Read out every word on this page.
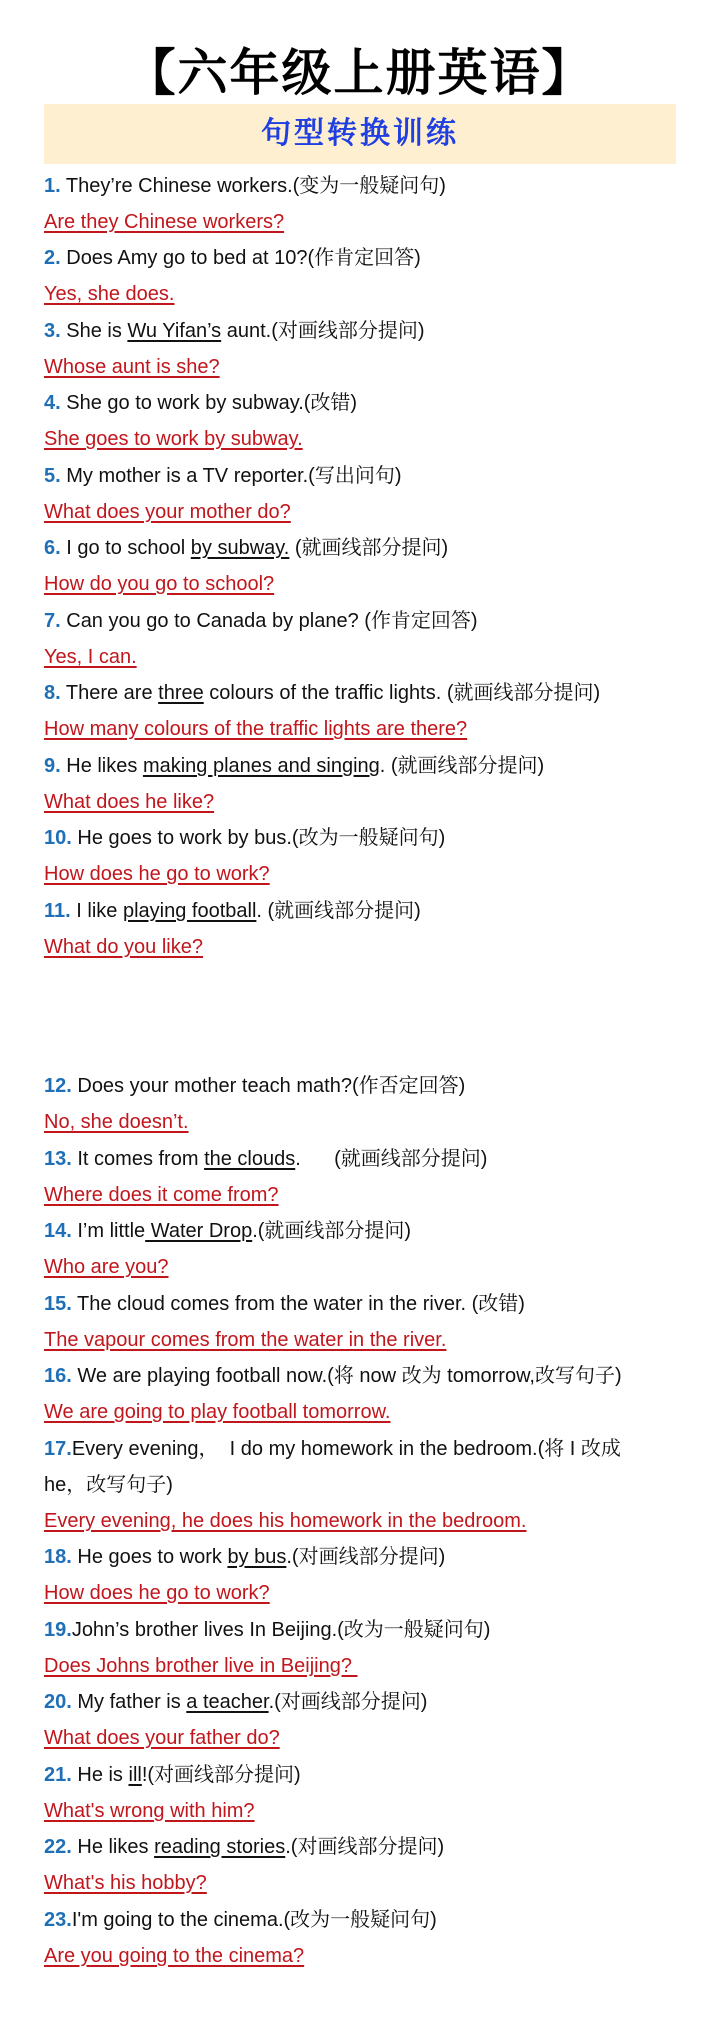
【六年级上册英语】
句型转换训练
1. They’re Chinese workers.(变为一般疑问句)
Are they Chinese workers?
2. Does Amy go to bed at 10?(作肯定回答)
Yes, she does.
3. She is Wu Yifan’s aunt.(对画线部分提问)
Whose aunt is she?
4. She go to work by subway.(改错)
She goes to work by subway.
5. My mother is a TV reporter.(写出问句)
What does your mother do?
6. I go to school by subway. (就画线部分提问)
How do you go to school?
7. Can you go to Canada by plane? (作肯定回答)
Yes, I can.
8. There are three colours of the traffic lights. (就画线部分提问)
How many colours of the traffic lights are there?
9. He likes making planes and singing. (就画线部分提问)
What does he like?
10. He goes to work by bus.(改为一般疑问句)
How does he go to work?
11. I like playing football. (就画线部分提问)
What do you like?
12. Does your mother teach math?(作否定回答)
No, she doesn’t.
13. It comes from the clouds.      (就画线部分提问)
Where does it come from?
14. I’m little Water Drop.(就画线部分提问)
Who are you?
15. The cloud comes from the water in the river. (改错)
The vapour comes from the water in the river.
16. We are playing football now.(将 now 改为 tomorrow,改写句子)
We are going to play football tomorrow.
17.Every evening，  I do my homework in the bedroom.(将 I 改成
he，改写句子)
Every evening, he does his homework in the bedroom.
18. He goes to work by bus.(对画线部分提问)
How does he go to work?
19.John’s brother lives In Beijing.(改为一般疑问句)
Does Johns brother live in Beijing?
20. My father is a teacher.(对画线部分提问)
What does your father do?
21. He is ill!(对画线部分提问)
What's wrong with him?
22. He likes reading stories.(对画线部分提问)
What's his hobby?
23.I'm going to the cinema.(改为一般疑问句)
Are you going to the cinema?
